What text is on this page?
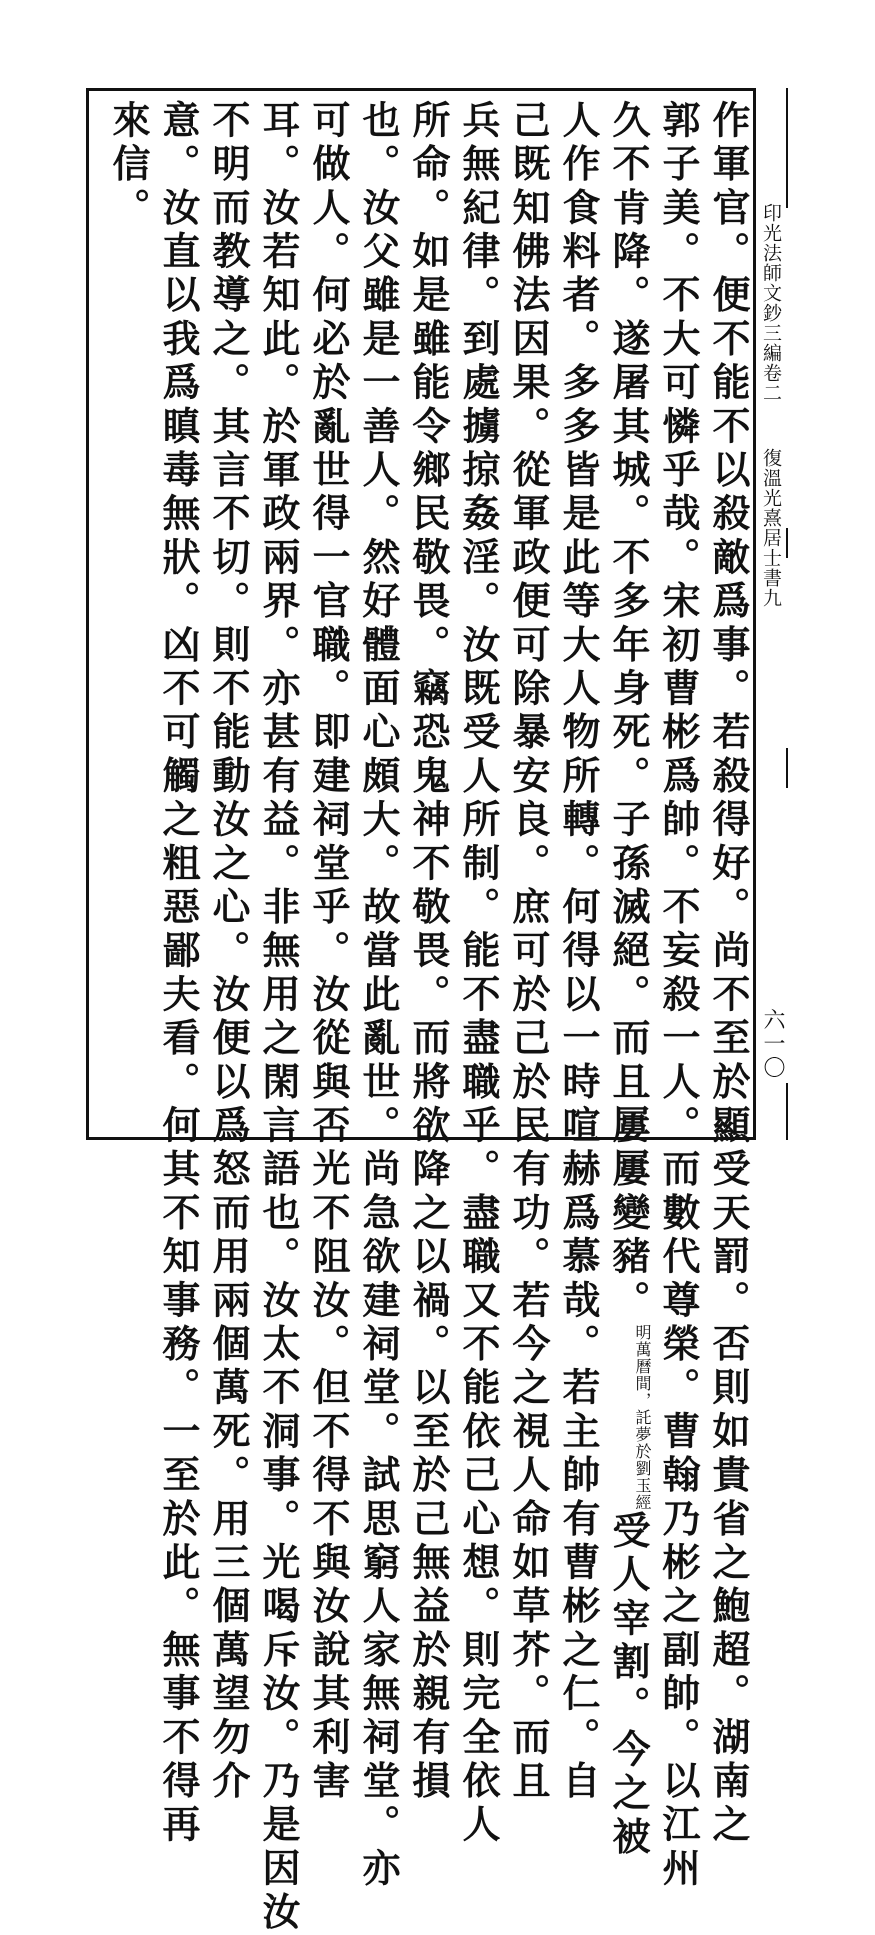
印光法師文鈔三編卷二
復溫光熹居士書九
六一〇
作軍官。便不能不以殺敵爲事。若殺得好。尚不至於顯受天罰。否則如貴省之鮑超。湖南之
郭子美。不大可憐乎哉。宋初曹彬爲帥。不妄殺一人。而數代尊榮。曹翰乃彬之副帥。以江州
久不肯降。遂屠其城。不多年身死。子孫滅絕。而且屢屢變豬。明萬曆間，託夢於劉玉經受人宰割。今之被
人作食料者。多多皆是此等大人物所轉。何得以一時喧赫爲慕哉。若主帥有曹彬之仁。自
己既知佛法因果。從軍政便可除暴安良。庶可於己於民有功。若今之視人命如草芥。而且
兵無紀律。到處擄掠姦淫。汝既受人所制。能不盡職乎。盡職又不能依己心想。則完全依人
所命。如是雖能令鄉民敬畏。竊恐鬼神不敬畏。而將欲降之以禍。以至於己無益於親有損
也。汝父雖是一善人。然好體面心頗大。故當此亂世。尚急欲建祠堂。試思窮人家無祠堂。亦
可做人。何必於亂世得一官職。即建祠堂乎。汝從與否光不阻汝。但不得不與汝說其利害
耳。汝若知此。於軍政兩界。亦甚有益。非無用之閑言語也。汝太不洞事。光喝斥汝。乃是因汝
不明而教導之。其言不切。則不能動汝之心。汝便以爲怒而用兩個萬死。用三個萬望勿介
意。汝直以我爲瞋毒無狀。凶不可觸之粗惡鄙夫看。何其不知事務。一至於此。無事不得再
來信。
